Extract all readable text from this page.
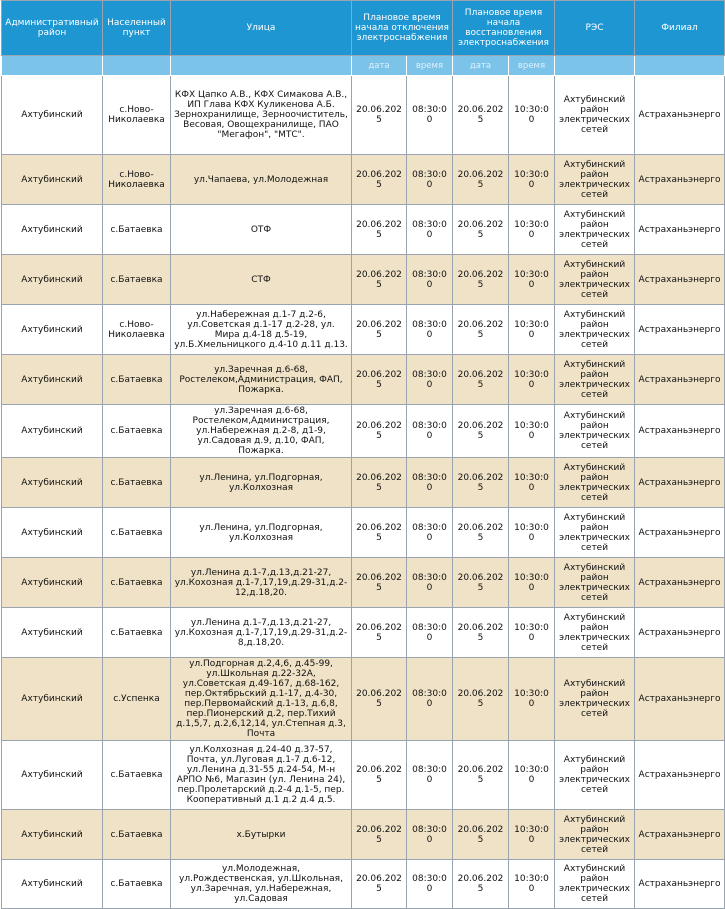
Административный район	Населенный пункт	Улица	Плановое время начала отключения электроснабжения		Плановое время начала восстановления электроснабжения		РЭС	Филиал
			дата	время	дата	время		
Ахтубинский	с.Ново-Николаевка	КФХ Цапко А.В., КФХ Симакова А.В., ИП Глава КФХ Куликенова А.Б. Зернохранилище, Зерноочиститель, Весовая, Овощехранилище, ПАО "Мегафон", "МТС".	20.06.2025	08:30:00	20.06.2025	10:30:00	Ахтубинский район электрических сетей	Астраханьэнерго
Ахтубинский	с.Ново-Николаевка	ул.Чапаева, ул.Молодежная	20.06.2025	08:30:00	20.06.2025	10:30:00	Ахтубинский район электрических сетей	Астраханьэнерго
Ахтубинский	с.Батаевка	ОТФ	20.06.2025	08:30:00	20.06.2025	10:30:00	Ахтубинский район электрических сетей	Астраханьэнерго
Ахтубинский	с.Батаевка	СТФ	20.06.2025	08:30:00	20.06.2025	10:30:00	Ахтубинский район электрических сетей	Астраханьэнерго
Ахтубинский	с.Ново-Николаевка	ул.Набережная д.1-7 д.2-6, ул.Советская д.1-17 д.2-28, ул. Мира д.4-18 д.5-19, ул.Б.Хмельницкого д.4-10 д.11 д.13.	20.06.2025	08:30:00	20.06.2025	10:30:00	Ахтубинский район электрических сетей	Астраханьэнерго
Ахтубинский	с.Батаевка	ул.Заречная д.6-68, Ростелеком,Администрация, ФАП, Пожарка.	20.06.2025	08:30:00	20.06.2025	10:30:00	Ахтубинский район электрических сетей	Астраханьэнерго
Ахтубинский	с.Батаевка	ул.Заречная д.6-68, Ростелеком,Администрация, ул.Набережная д.2-8, д1-9, ул.Садовая д.9, д.10, ФАП, Пожарка.	20.06.2025	08:30:00	20.06.2025	10:30:00	Ахтубинский район электрических сетей	Астраханьэнерго
Ахтубинский	с.Батаевка	ул.Ленина, ул.Подгорная, ул.Колхозная	20.06.2025	08:30:00	20.06.2025	10:30:00	Ахтубинский район электрических сетей	Астраханьэнерго
Ахтубинский	с.Батаевка	ул.Ленина, ул.Подгорная, ул.Колхозная	20.06.2025	08:30:00	20.06.2025	10:30:00	Ахтубинский район электрических сетей	Астраханьэнерго
Ахтубинский	с.Батаевка	ул.Ленина д.1-7,д.13,д.21-27, ул.Кохозная д.1-7,17,19,д.29-31,д.2-12,д.18,20.	20.06.2025	08:30:00	20.06.2025	10:30:00	Ахтубинский район электрических сетей	Астраханьэнерго
Ахтубинский	с.Батаевка	ул.Ленина д.1-7,д.13,д.21-27, ул.Кохозная д.1-7,17,19,д.29-31,д.2-8,д.18,20.	20.06.2025	08:30:00	20.06.2025	10:30:00	Ахтубинский район электрических сетей	Астраханьэнерго
Ахтубинский	с.Успенка	ул.Подгорная д.2,4,6, д.45-99, ул.Школьная д.22-32А, ул.Советская д.49-167, д.68-162, пер.Октябрьский д.1-17, д.4-30, пер.Первомайский д.1-13, д.6,8, пер.Пионерский д.2, пер.Тихий д.1,5,7, д.2,6,12,14, ул.Степная д.3, Почта	20.06.2025	08:30:00	20.06.2025	10:30:00	Ахтубинский район электрических сетей	Астраханьэнерго
Ахтубинский	с.Батаевка	ул.Колхозная д.24-40 д.37-57, Почта, ул.Луговая д.1-7 д.6-12, ул.Ленина д.31-55 д.24-54, М-н АРПО №6, Магазин (ул. Ленина 24), пер.Пролетарский д.2-4 д.1-5, пер. Кооперативный д.1 д.2 д.4 д.5.	20.06.2025	08:30:00	20.06.2025	10:30:00	Ахтубинский район электрических сетей	Астраханьэнерго
Ахтубинский	с.Батаевка	х.Бутырки	20.06.2025	08:30:00	20.06.2025	10:30:00	Ахтубинский район электрических сетей	Астраханьэнерго
Ахтубинский	с.Батаевка	ул.Молодежная, ул.Рождественская, ул.Школьная, ул.Заречная, ул.Набережная, ул.Садовая	20.06.2025	08:30:00	20.06.2025	10:30:00	Ахтубинский район электрических сетей	Астраханьэнерго
